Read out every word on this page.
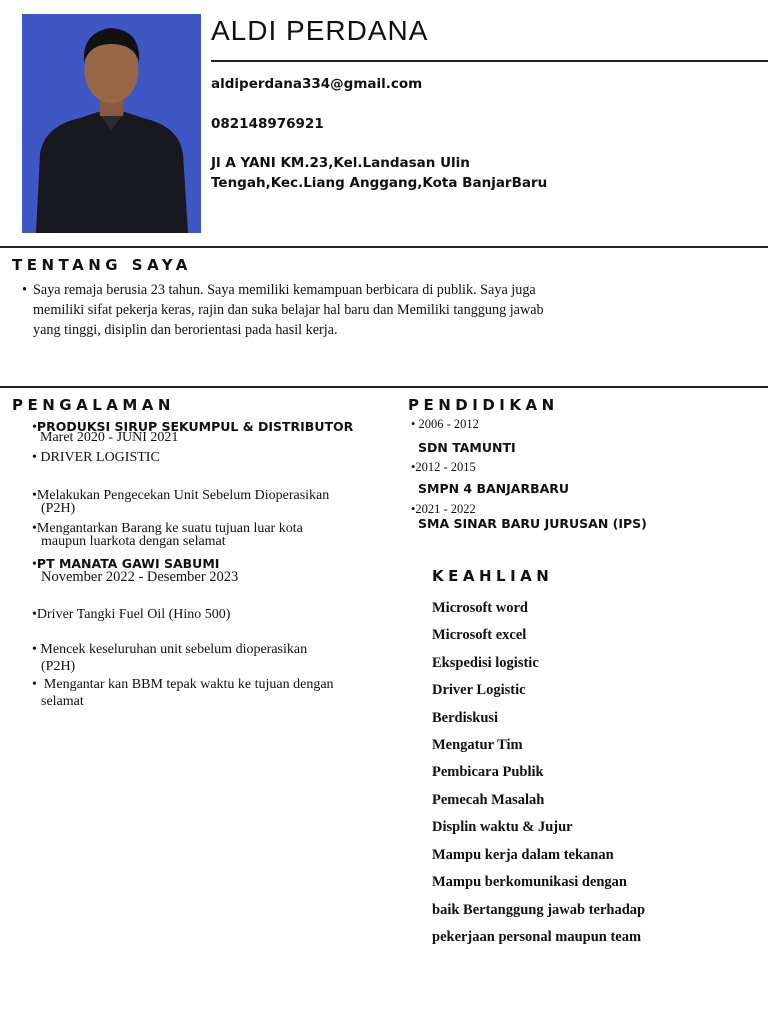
ALDI PERDANA
aldiperdana334@gmail.com
082148976921
Jl A YANI KM.23,Kel.Landasan Ulin
Tengah,Kec.Liang Anggang,Kota BanjarBaru
TENTANG SAYA
• Saya remaja berusia 23 tahun. Saya memiliki kemampuan berbicara di publik. Saya juga
memiliki sifat pekerja keras, rajin dan suka belajar hal baru dan Memiliki tanggung jawab
yang tinggi, disiplin dan berorientasi pada hasil kerja.
PENGALAMAN
•PRODUKSI SIRUP SEKUMPUL & DISTRIBUTOR
Maret 2020 - JUNI 2021
• DRIVER LOGISTIC
•Melakukan Pengecekan Unit Sebelum Dioperasikan
(P2H)
•Mengantarkan Barang ke suatu tujuan luar kota
maupun luarkota dengan selamat
•PT MANATA GAWI SABUMI
November 2022 - Desember 2023
•Driver Tangki Fuel Oil (Hino 500)
• Mencek keseluruhan unit sebelum dioperasikan
(P2H)
•  Mengantar kan BBM tepak waktu ke tujuan dengan
selamat
PENDIDIKAN
• 2006 - 2012
SDN TAMUNTI
•2012 - 2015
SMPN 4 BANJARBARU
•2021 - 2022
SMA SINAR BARU JURUSAN (IPS)
KEAHLIAN
Microsoft word
Microsoft excel
Ekspedisi logistic
Driver Logistic
Berdiskusi
Mengatur Tim
Pembicara Publik
Pemecah Masalah
Displin waktu & Jujur
Mampu kerja dalam tekanan
Mampu berkomunikasi dengan
baik Bertanggung jawab terhadap
pekerjaan personal maupun team
